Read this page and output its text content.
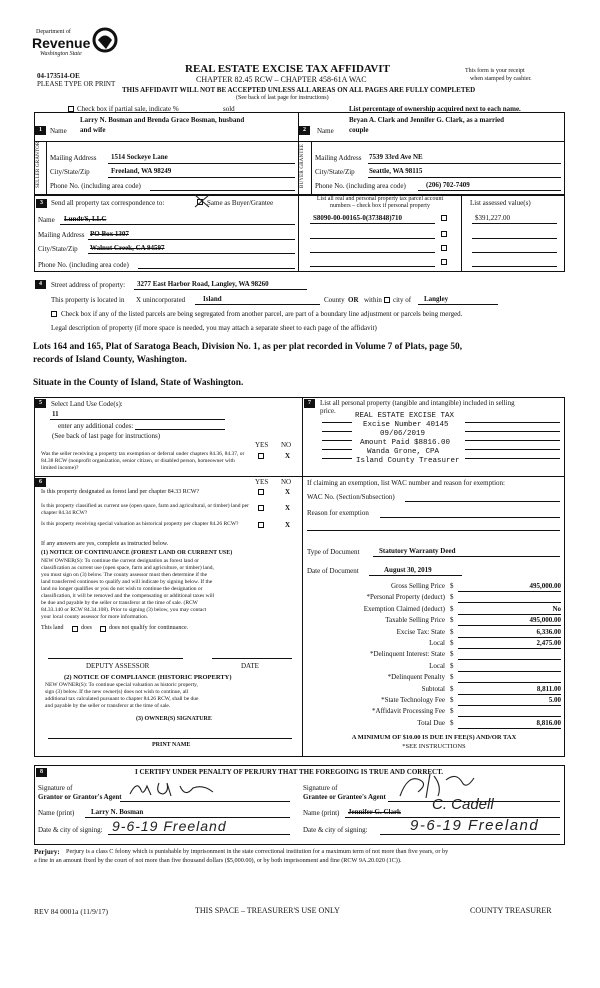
Department of
Revenue
Washington State
04-173514-OE
PLEASE TYPE OR PRINT
REAL ESTATE EXCISE TAX AFFIDAVIT
CHAPTER 82.45 RCW – CHAPTER 458-61A WAC
THIS AFFIDAVIT WILL NOT BE ACCEPTED UNLESS ALL AREAS ON ALL PAGES ARE FULLY COMPLETED
(See back of last page for instructions)
This form is your receipt
when stamped by cashier.
Check box if partial sale, indicate %	sold	List percentage of ownership acquired next to each name.
1
Larry N. Bosman and Brenda Grace Bosman, husband
Name and wife
SELLER GRANTOR Mailing Address 1514 Sockeye Lane
City/State/Zip	Freeland, WA 98249
Phone No. (including area code)
2
Bryan A. Clark and Jennifer G. Clark, as a married
Name couple
BUYER GRANTEE Mailing Address 7539 33rd Ave NE
City/State/Zip Seattle, WA 98115
Phone No. (including area code)	(206) 702-7409
3	Send all property tax correspondence to:	Same as Buyer/Grantee
Name Lundt/S, LLC
Mailing Address PO Box 1307
City/State/Zip Walnut Creek, CA 94597
Phone No. (including area code)
List all real and personal property tax parcel account
numbers – check box if personal property	List assessed value(s)
S8090-00-00165-0(373848)710	$391,227.00
4	Street address of property: 3277 East Harbor Road, Langley, WA 98260
This property is located in X unincorporated	Island	County OR within city of Langley
Check box if any of the listed parcels are being segregated from another parcel, are part of a boundary line adjustment or parcels being merged.
Legal description of property (if more space is needed, you may attach a separate sheet to each page of the affidavit)
Lots 164 and 165, Plat of Saratoga Beach, Division No. 1, as per plat recorded in Volume 7 of Plats, page 50,
records of Island County, Washington.
Situate in the County of Island, State of Washington.
5	Select Land Use Code(s):
11
enter any additional codes:
(See back of last page for instructions)
YES NO
Was the seller receiving a property tax exemption or deferral under chapters 84.36, 84.37, or 84.38 RCW (nonprofit organization, senior citizen, or disabled person, homeowner with limited income)?
X
6	YES NO
Is this property designated as forest land per chapter 84.33 RCW?	X
Is this property classified as current use (open space, farm and agricultural, or timber) land per chapter 84.34 RCW?
X
Is this property receiving special valuation as historical property per chapter 84.26 RCW?	X
If any answers are yes, complete as instructed below.
(1) NOTICE OF CONTINUANCE (FOREST LAND OR CURRENT USE)
NEW OWNER(S): To continue the current designation as forest land or
classification as current use (open space, farm and agriculture, or timber) land,
you must sign on (3) below. The county assessor must then determine if the
land transferred continues to qualify and will indicate by signing below. If the
land no longer qualifies or you do not wish to continue the designation or
classification, it will be removed and the compensating or additional taxes will
be due and payable by the seller or transferor at the time of sale. (RCW
84.33.140 or RCW 84.34.108). Prior to signing (3) below, you may contact
your local county assessor for more information.
This land	does	does not qualify for continuance.
DEPUTY ASSESSOR	DATE
(2) NOTICE OF COMPLIANCE (HISTORIC PROPERTY)
NEW OWNER(S): To continue special valuation as historic property,
sign (3) below. If the new owner(s) does not wish to continue, all
additional tax calculated pursuant to chapter 84.26 RCW, shall be due
and payable by the seller or transferor at the time of sale.
(3) OWNER(S) SIGNATURE
PRINT NAME
7	List all personal property (tangible and intangible) included in selling
price.
REAL ESTATE EXCISE TAX
Excise Number 40145
09/06/2019
Amount Paid $8816.00
Wanda Grone, CPA
Island County Treasurer
If claiming an exemption, list WAC number and reason for exemption:
WAC No. (Section/Subsection)
Reason for exemption
Type of Document	Statutory Warranty Deed
Date of Document	August 30, 2019
Gross Selling Price $	495,000.00
*Personal Property (deduct) $
Exemption Claimed (deduct) $	No
Taxable Selling Price $	495,000.00
Excise Tax: State $	6,336.00
Local $	2,475.00
*Delinquent Interest: State $
Local $
*Delinquent Penalty $
Subtotal $	8,811.00
*State Technology Fee $	5.00
*Affidavit Processing Fee $
Total Due $	8,816.00
A MINIMUM OF $10.00 IS DUE IN FEE(S) AND/OR TAX
*SEE INSTRUCTIONS
8	I CERTIFY UNDER PENALTY OF PERJURY THAT THE FOREGOING IS TRUE AND CORRECT.
Signature of
Grantor or Grantor's Agent
Name (print) Larry N. Bosman
Date & city of signing: 9-6-19 Freeland
Signature of
Grantee or Grantee's Agent
Name (print) Jennifer G. Clark C. Cadell
Date & city of signing:	9-6-19 Freeland
Perjury: Perjury is a class C felony which is punishable by imprisonment in the state correctional institution for a maximum term of not more than five years, or by
a fine in an amount fixed by the court of not more than five thousand dollars ($5,000.00), or by both imprisonment and fine (RCW 9A.20.020 (1C)).
REV 84 0001a (11/9/17)	THIS SPACE – TREASURER'S USE ONLY	COUNTY TREASURER
